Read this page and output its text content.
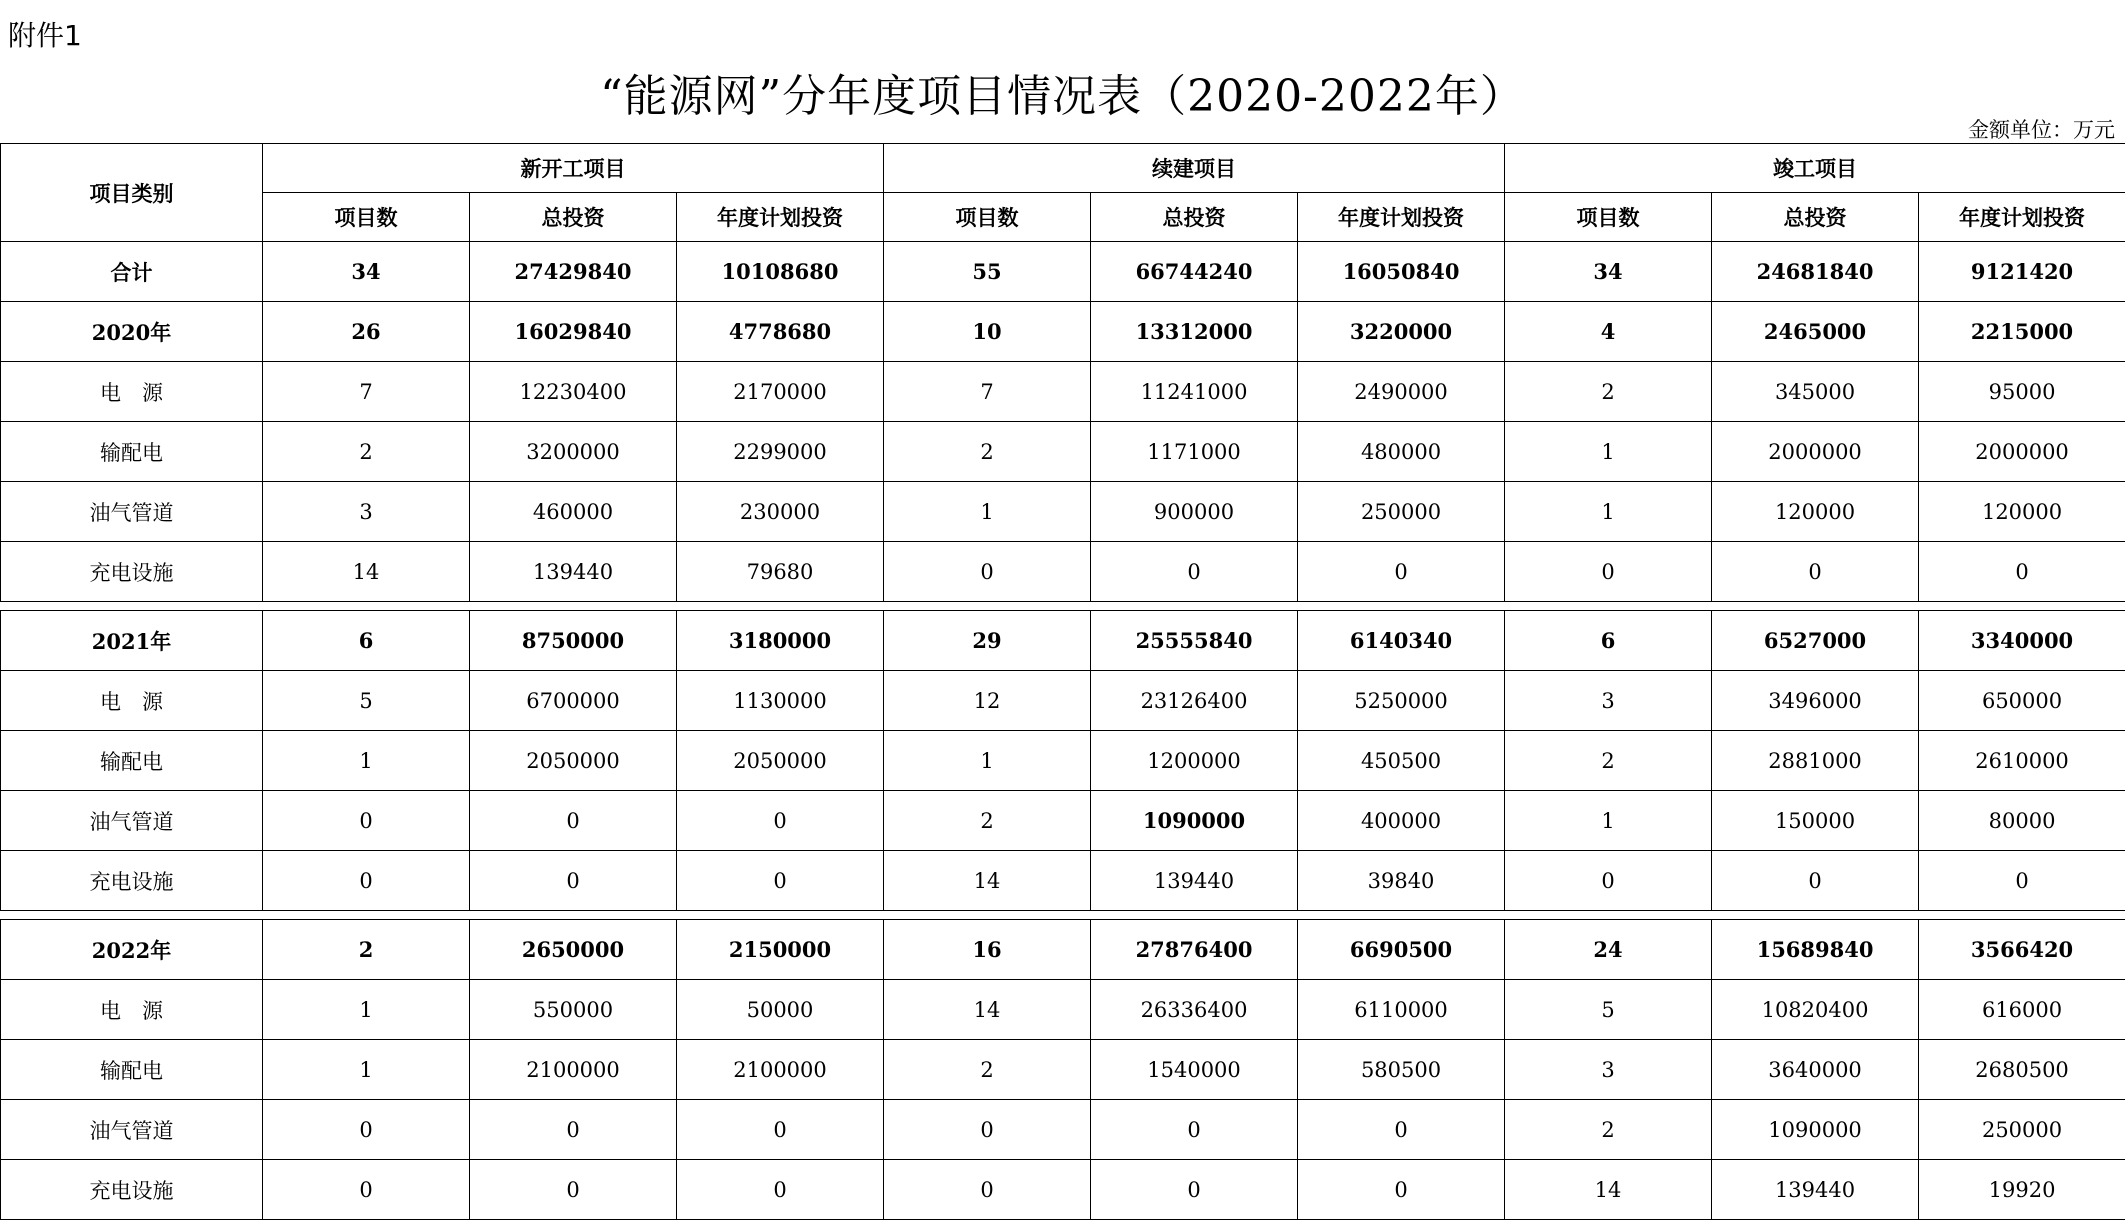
附件1
“能源网”分年度项目情况表（2020-2022年）
金额单位：万元
项目类别	新开工项目			续建项目			竣工项目		
	项目数	总投资	年度计划投资	项目数	总投资	年度计划投资	项目数	总投资	年度计划投资
合计	34	27429840	10108680	55	66744240	16050840	34	24681840	9121420
2020年	26	16029840	4778680	10	13312000	3220000	4	2465000	2215000
电　源	7	12230400	2170000	7	11241000	2490000	2	345000	95000
输配电	2	3200000	2299000	2	1171000	480000	1	2000000	2000000
油气管道	3	460000	230000	1	900000	250000	1	120000	120000
充电设施	14	139440	79680	0	0	0	0	0	0

2021年	6	8750000	3180000	29	25555840	6140340	6	6527000	3340000
电　源	5	6700000	1130000	12	23126400	5250000	3	3496000	650000
输配电	1	2050000	2050000	1	1200000	450500	2	2881000	2610000
油气管道	0	0	0	2	1090000	400000	1	150000	80000
充电设施	0	0	0	14	139440	39840	0	0	0

2022年	2	2650000	2150000	16	27876400	6690500	24	15689840	3566420
电　源	1	550000	50000	14	26336400	6110000	5	10820400	616000
输配电	1	2100000	2100000	2	1540000	580500	3	3640000	2680500
油气管道	0	0	0	0	0	0	2	1090000	250000
充电设施	0	0	0	0	0	0	14	139440	19920
